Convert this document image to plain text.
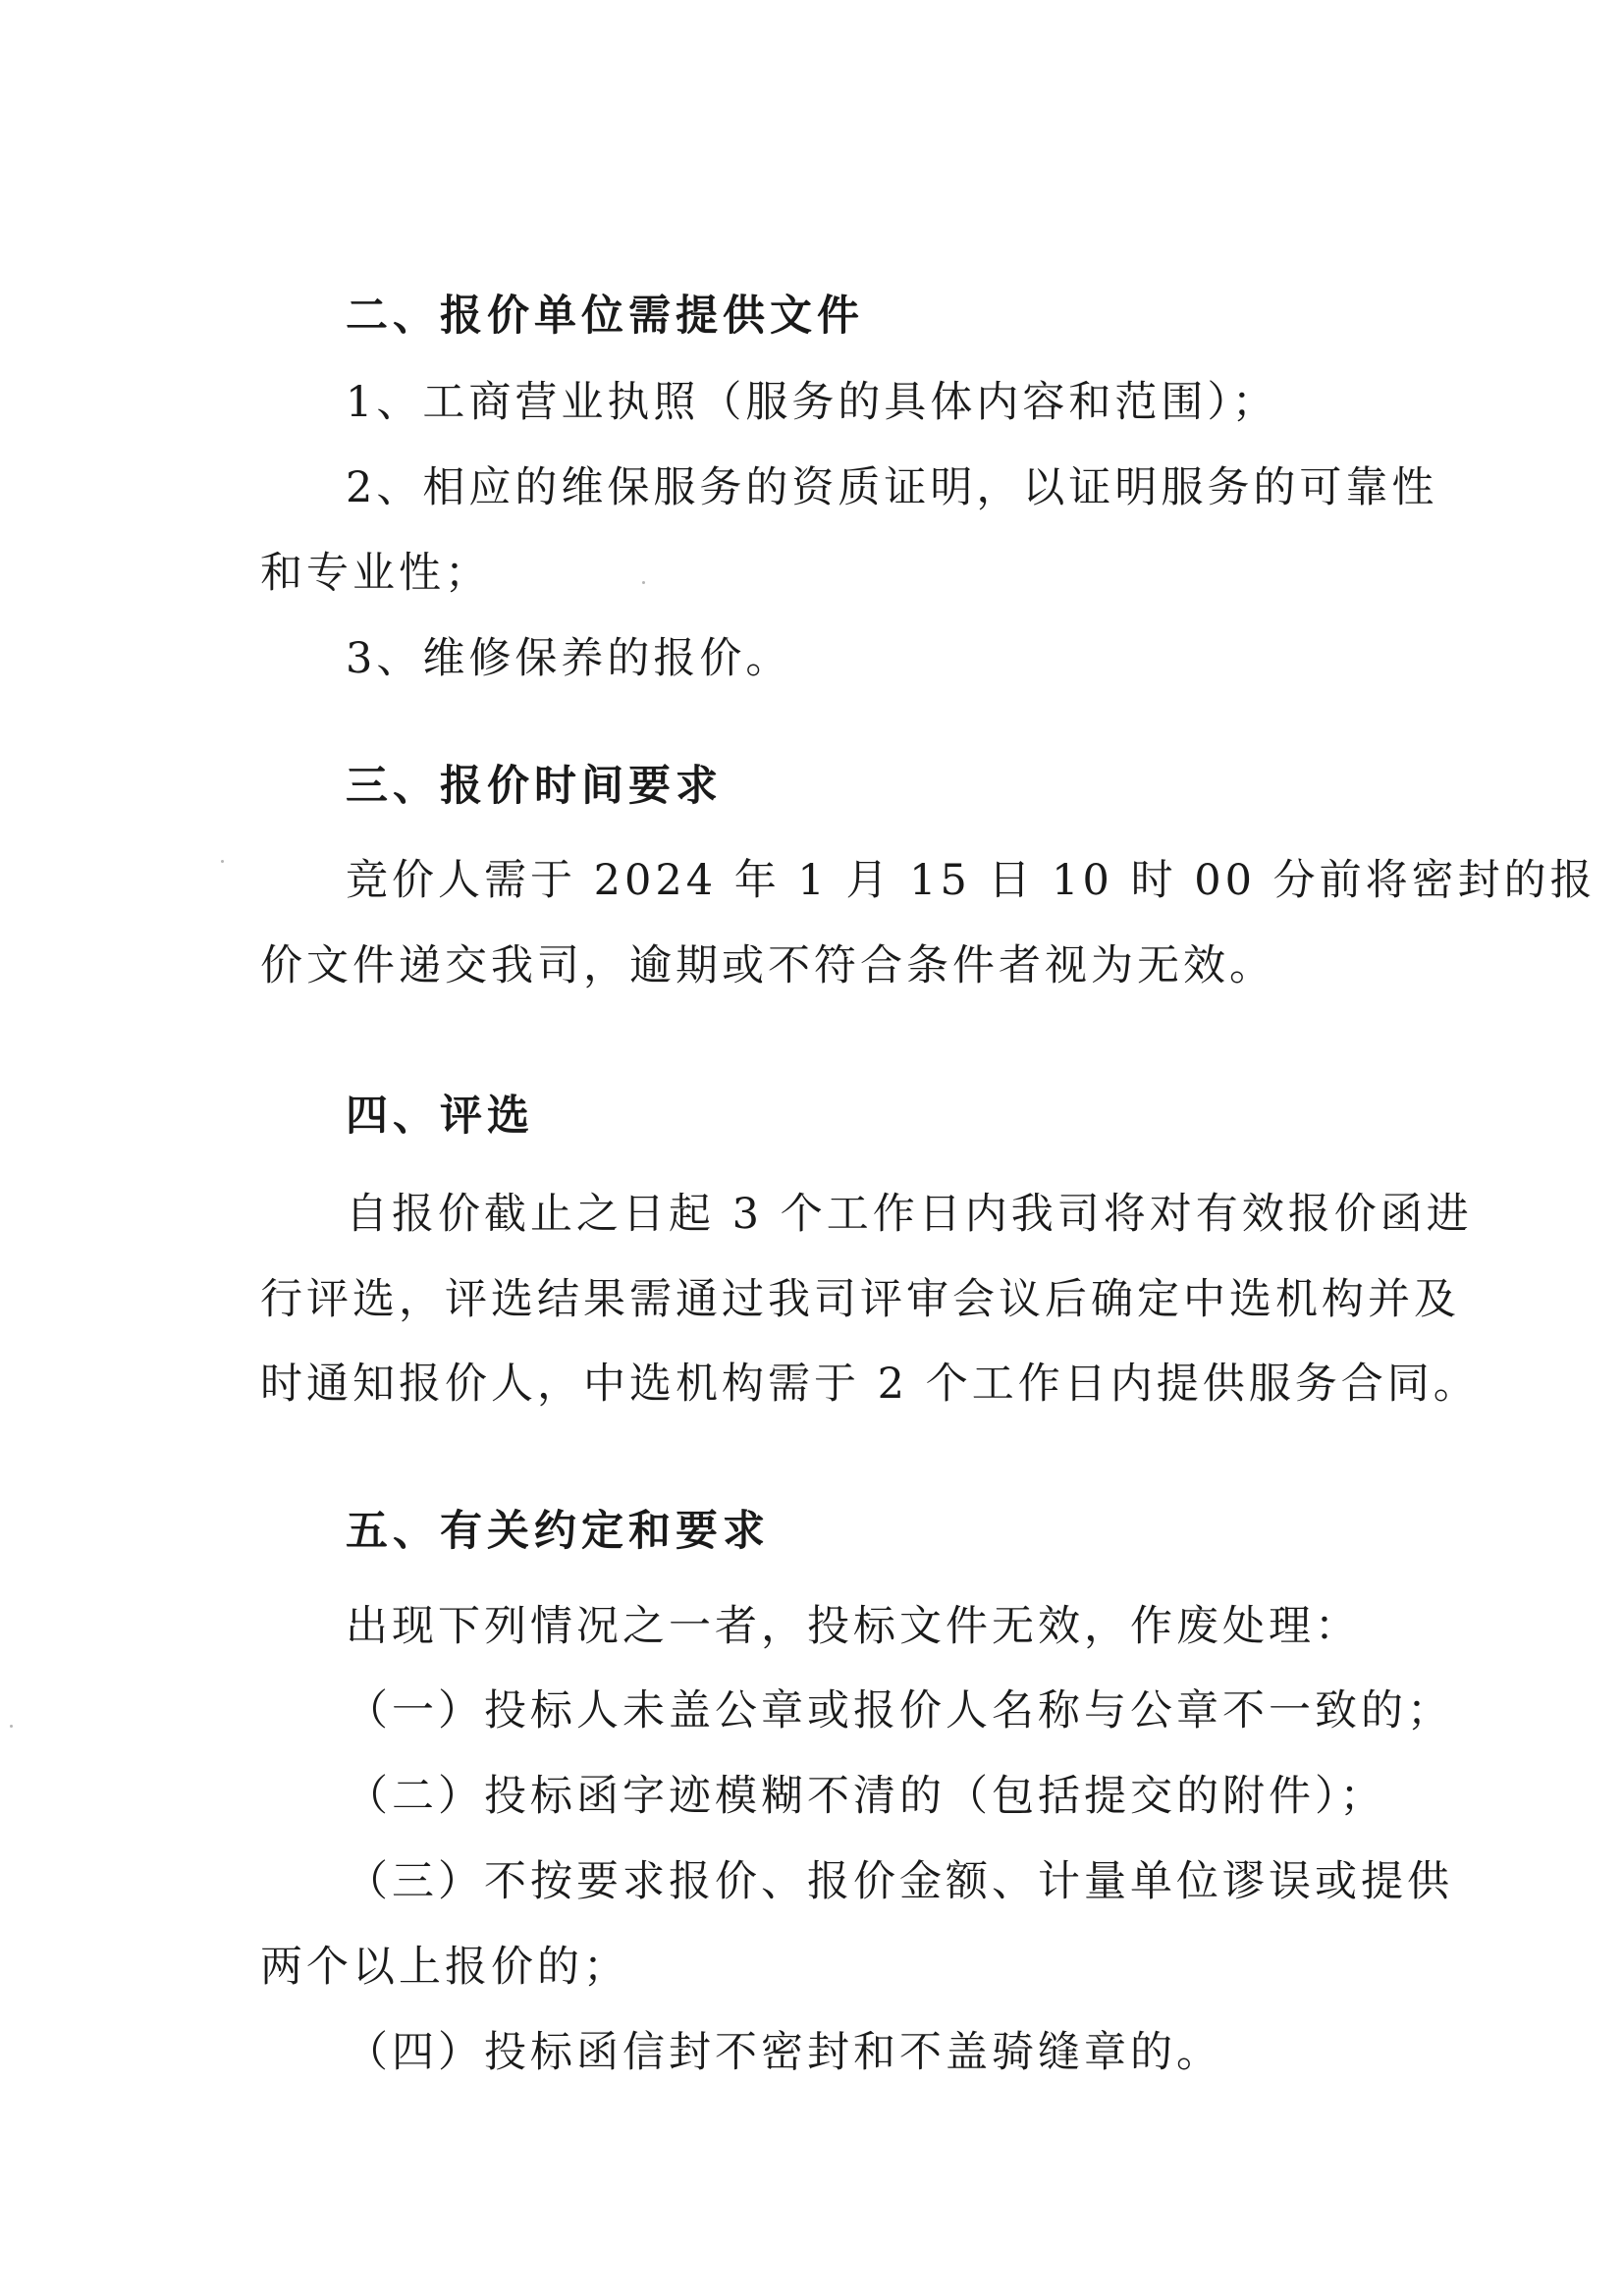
二、报价单位需提供文件
1、工商营业执照（服务的具体内容和范围）；
2、相应的维保服务的资质证明，以证明服务的可靠性
和专业性；
3、维修保养的报价。
三、报价时间要求
竞价人需于 2024 年 1 月 15 日 10 时 00 分前将密封的报
价文件递交我司，逾期或不符合条件者视为无效。
四、评选
自报价截止之日起 3 个工作日内我司将对有效报价函进
行评选，评选结果需通过我司评审会议后确定中选机构并及
时通知报价人，中选机构需于 2 个工作日内提供服务合同。
五、有关约定和要求
出现下列情况之一者，投标文件无效，作废处理：
（一）投标人未盖公章或报价人名称与公章不一致的；
（二）投标函字迹模糊不清的（包括提交的附件）；
（三）不按要求报价、报价金额、计量单位谬误或提供
两个以上报价的；
（四）投标函信封不密封和不盖骑缝章的。
